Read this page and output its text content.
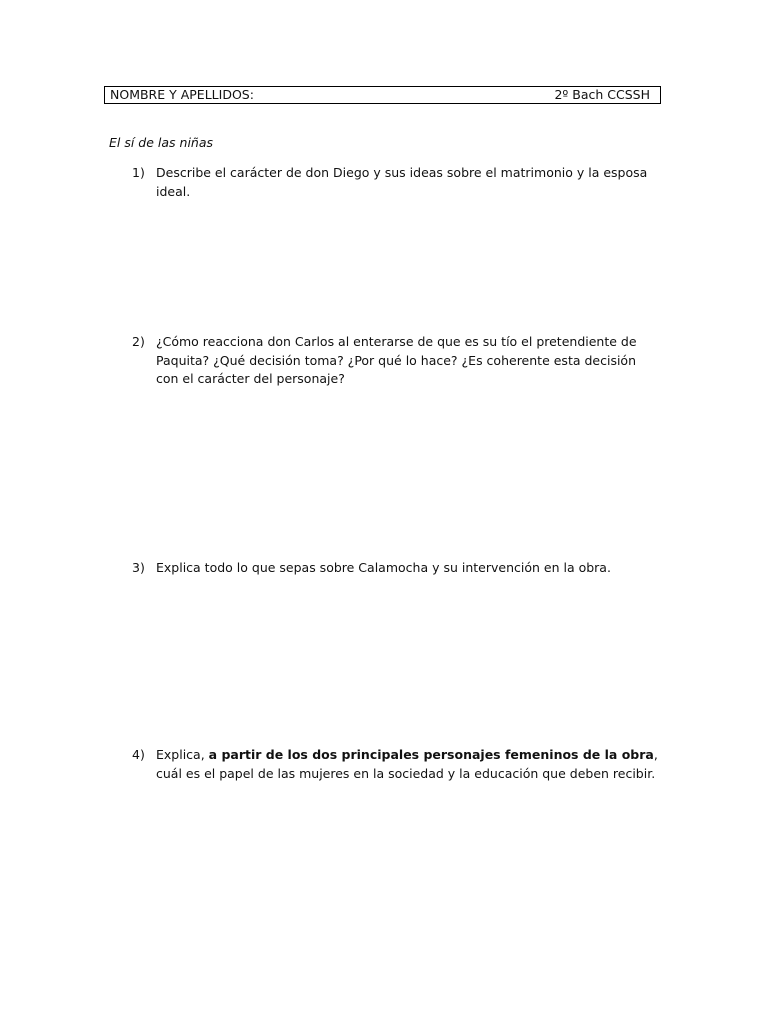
NOMBRE Y APELLIDOS:	2º Bach CCSSH
El sí de las niñas
1) Describe el carácter de don Diego y sus ideas sobre el matrimonio y la esposa ideal.
2) ¿Cómo reacciona don Carlos al enterarse de que es su tío el pretendiente de Paquita? ¿Qué decisión toma? ¿Por qué lo hace? ¿Es coherente esta decisión con el carácter del personaje?
3) Explica todo lo que sepas sobre Calamocha y su intervención en la obra.
4) Explica, a partir de los dos principales personajes femeninos de la obra, cuál es el papel de las mujeres en la sociedad y la educación que deben recibir.
